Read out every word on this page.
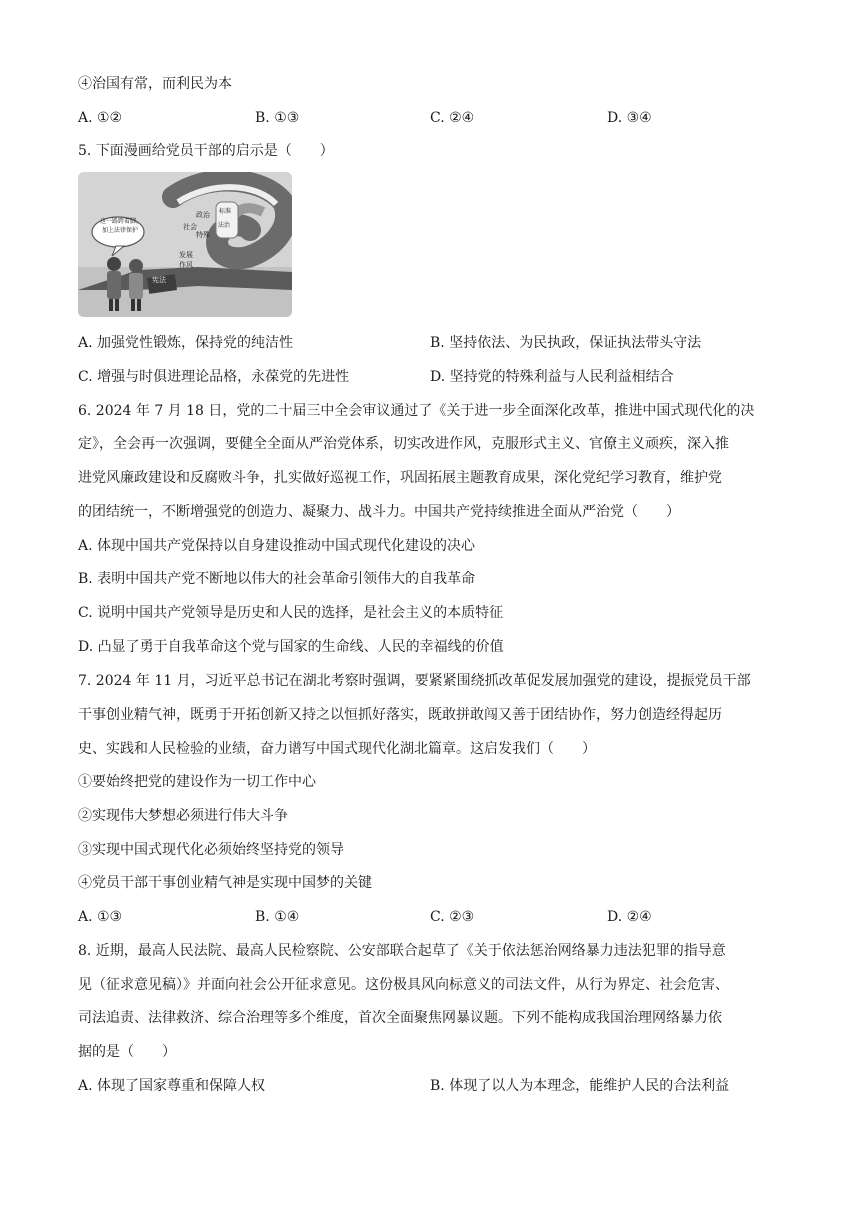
④治国有常，而利民为本
A. ①②	B. ①③	C. ②④	D. ③④
5. 下面漫画给党员干部的启示是（　　）
这一路跨着脚，
加上法律保护
政治 标准
社会
特殊
发展
作风
法治
宪法
A. 加强党性锻炼，保持党的纯洁性	B. 坚持依法、为民执政，保证执法带头守法
C. 增强与时俱进理论品格，永葆党的先进性	D. 坚持党的特殊利益与人民利益相结合
6. 2024 年 7 月 18 日，党的二十届三中全会审议通过了《关于进一步全面深化改革，推进中国式现代化的决
定》，全会再一次强调，要健全全面从严治党体系，切实改进作风，克服形式主义、官僚主义顽疾，深入推
进党风廉政建设和反腐败斗争，扎实做好巡视工作，巩固拓展主题教育成果，深化党纪学习教育，维护党
的团结统一，不断增强党的创造力、凝聚力、战斗力。中国共产党持续推进全面从严治党（　　）
A. 体现中国共产党保持以自身建设推动中国式现代化建设的决心
B. 表明中国共产党不断地以伟大的社会革命引领伟大的自我革命
C. 说明中国共产党领导是历史和人民的选择，是社会主义的本质特征
D. 凸显了勇于自我革命这个党与国家的生命线、人民的幸福线的价值
7. 2024 年 11 月，习近平总书记在湖北考察时强调，要紧紧围绕抓改革促发展加强党的建设，提振党员干部
干事创业精气神，既勇于开拓创新又持之以恒抓好落实，既敢拼敢闯又善于团结协作，努力创造经得起历
史、实践和人民检验的业绩，奋力谱写中国式现代化湖北篇章。这启发我们（　　）
①要始终把党的建设作为一切工作中心
②实现伟大梦想必须进行伟大斗争
③实现中国式现代化必须始终坚持党的领导
④党员干部干事创业精气神是实现中国梦的关键
A. ①③	B. ①④	C. ②③	D. ②④
8. 近期，最高人民法院、最高人民检察院、公安部联合起草了《关于依法惩治网络暴力违法犯罪的指导意
见（征求意见稿）》并面向社会公开征求意见。这份极具风向标意义的司法文件，从行为界定、社会危害、
司法追责、法律救济、综合治理等多个维度，首次全面聚焦网暴议题。下列不能构成我国治理网络暴力依
据的是（　　）
A. 体现了国家尊重和保障人权	B. 体现了以人为本理念，能维护人民的合法利益
